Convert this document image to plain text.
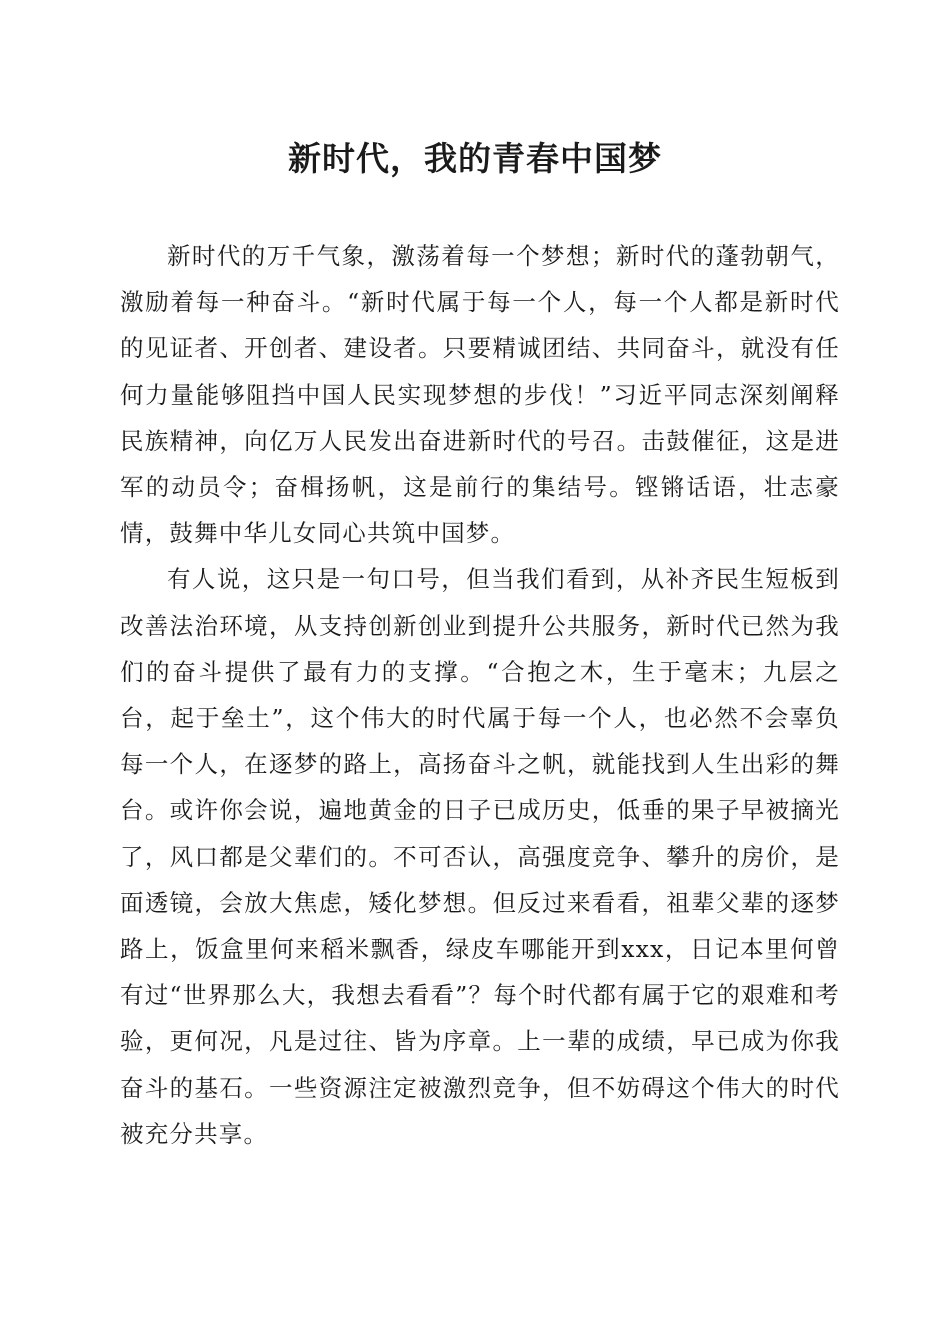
新时代，我的青春中国梦

新时代的万千气象，激荡着每一个梦想；新时代的蓬勃朝气，激励着每一种奋斗。“新时代属于每一个人，每一个人都是新时代的见证者、开创者、建设者。只要精诚团结、共同奋斗，就没有任何力量能够阻挡中国人民实现梦想的步伐！”习近平同志深刻阐释民族精神，向亿万人民发出奋进新时代的号召。击鼓催征，这是进军的动员令；奋楫扬帆，这是前行的集结号。铿锵话语，壮志豪情，鼓舞中华儿女同心共筑中国梦。

有人说，这只是一句口号，但当我们看到，从补齐民生短板到改善法治环境，从支持创新创业到提升公共服务，新时代已然为我们的奋斗提供了最有力的支撑。“合抱之木，生于毫末；九层之台，起于垒土”，这个伟大的时代属于每一个人，也必然不会辜负每一个人，在逐梦的路上，高扬奋斗之帆，就能找到人生出彩的舞台。或许你会说，遍地黄金的日子已成历史，低垂的果子早被摘光了，风口都是父辈们的。不可否认，高强度竞争、攀升的房价，是面透镜，会放大焦虑，矮化梦想。但反过来看看，祖辈父辈的逐梦路上，饭盒里何来稻米飘香，绿皮车哪能开到xxx，日记本里何曾有过“世界那么大，我想去看看”？每个时代都有属于它的艰难和考验，更何况，凡是过往、皆为序章。上一辈的成绩，早已成为你我奋斗的基石。一些资源注定被激烈竞争，但不妨碍这个伟大的时代被充分共享。
